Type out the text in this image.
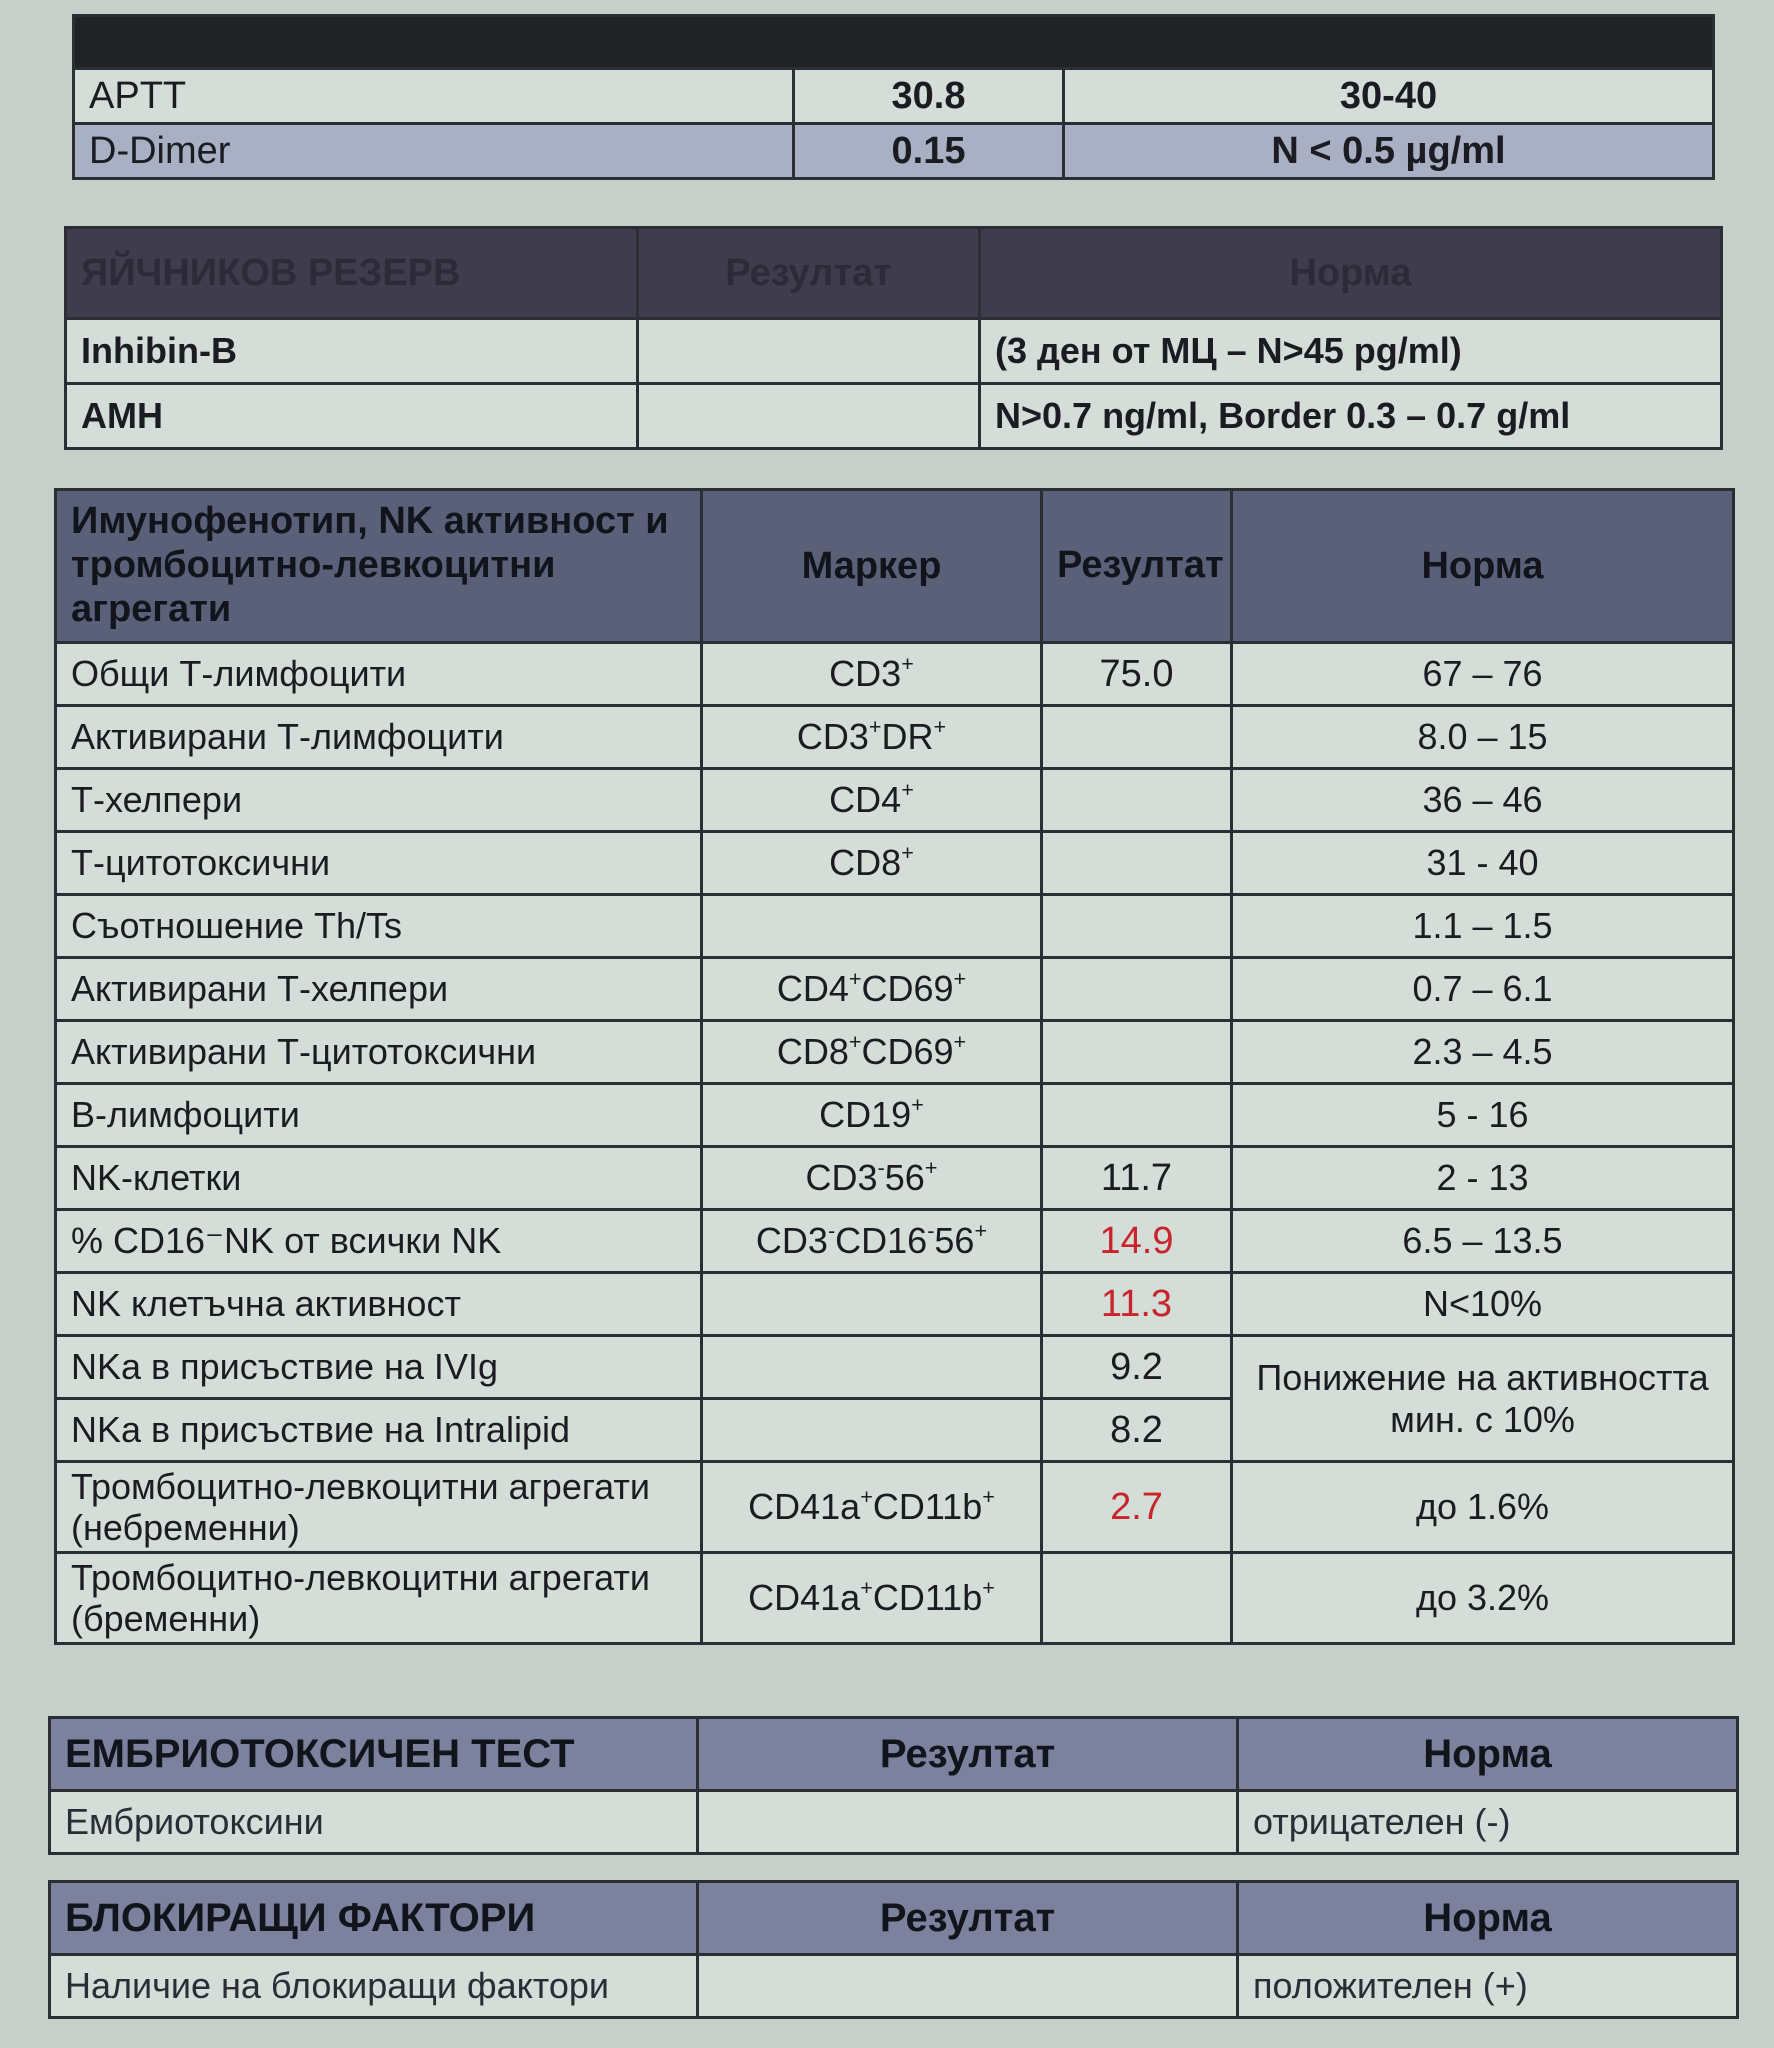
APTT	30.8	30-40
D-Dimer	0.15	N < 0.5 µg/ml
ЯЙЧНИКОВ РЕЗЕРВ	Резултат	Норма
Inhibin-B		(3 ден от МЦ – N>45 pg/ml)
AMH		N>0.7 ng/ml, Border 0.3 – 0.7 g/ml
Имунофенотип, NK активност и тромбоцитно-левкоцитни агрегати	Маркер	Резултат	Норма
Общи Т-лимфоцити	CD3+	75.0	67 – 76
Активирани Т-лимфоцити	CD3+DR+		8.0 – 15
Т-хелпери	CD4+		36 – 46
Т-цитотоксични	CD8+		31 - 40
Съотношение Th/Ts			1.1 – 1.5
Активирани Т-хелпери	CD4+CD69+		0.7 – 6.1
Активирани Т-цитотоксични	CD8+CD69+		2.3 – 4.5
B-лимфоцити	CD19+		5 - 16
NK-клетки	CD3-56+	11.7	2 - 13
% CD16⁻NK от всички NK	CD3-CD16-56+	14.9	6.5 – 13.5
NK клетъчна активност		11.3	N<10%
NKa в присъствие на IVIg		9.2	Понижение на активността мин. с 10%
NKa в присъствие на Intralipid		8.2	
Тромбоцитно-левкоцитни агрегати (небременни)	CD41a+CD11b+	2.7	до 1.6%
Тромбоцитно-левкоцитни агрегати (бременни)	CD41a+CD11b+		до 3.2%
ЕМБРИОТОКСИЧЕН ТЕСТ	Резултат	Норма
Ембриотоксини		отрицателен (-)
БЛОКИРАЩИ ФАКТОРИ	Резултат	Норма
Наличие на блокиращи фактори		положителен (+)
